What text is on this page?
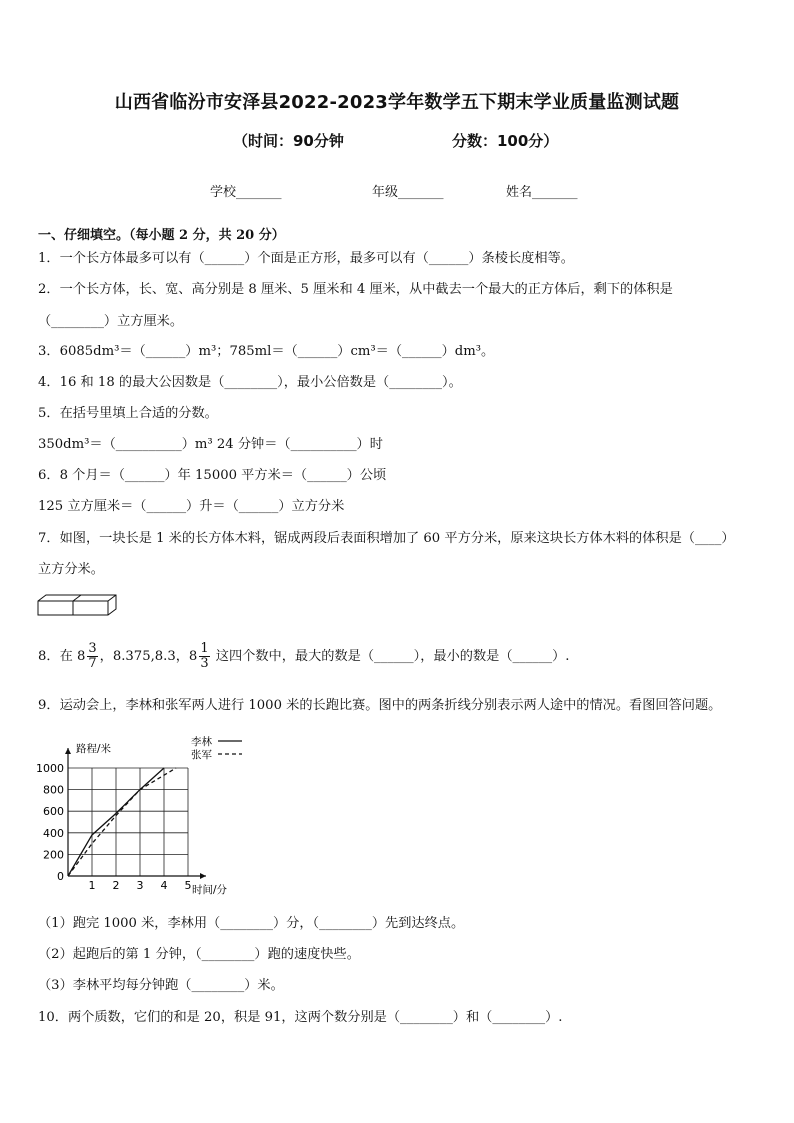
山西省临汾市安泽县2022-2023学年数学五下期末学业质量监测试题
（时间：90分钟	分数：100分）
学校_______	年级_______	姓名_______
一、仔细填空。（每小题 2 分，共 20 分）
1．一个长方体最多可以有（______）个面是正方形，最多可以有（______）条棱长度相等。
2．一个长方体，长、宽、高分别是 8 厘米、5 厘米和 4 厘米，从中截去一个最大的正方体后，剩下的体积是
（________）立方厘米。
3．6085dm³＝（______）m³；785ml＝（______）cm³＝（______）dm³。
4．16 和 18 的最大公因数是（________），最小公倍数是（________）。
5．在括号里填上合适的分数。
350dm³＝（__________）m³ 24 分钟＝（__________）时
6．8 个月＝（______）年 15000 平方米＝（______）公顷
125 立方厘米＝（______）升＝（______）立方分米
7．如图，一块长是 1 米的长方体木料，锯成两段后表面积增加了 60 平方分米，原来这块长方体木料的体积是（____）
立方分米。
8．在 $8 \frac{3}{7}$ ，8.375,8.3，$8 \frac{1}{3}$ 这四个数中，最大的数是（______），最小的数是（______）.
9．运动会上，李林和张军两人进行 1000 米的长跑比赛。图中的两条折线分别表示两人途中的情况。看图回答问题。
1 2 3 4 5
0
200
400
600
800
1000
时间/分
路程/米
李林
张军
（1）跑完 1000 米，李林用（________）分，（________）先到达终点。
（2）起跑后的第 1 分钟，（________）跑的速度快些。
（3）李林平均每分钟跑（________）米。
10．两个质数，它们的和是 20，积是 91，这两个数分别是（________）和（________）.
